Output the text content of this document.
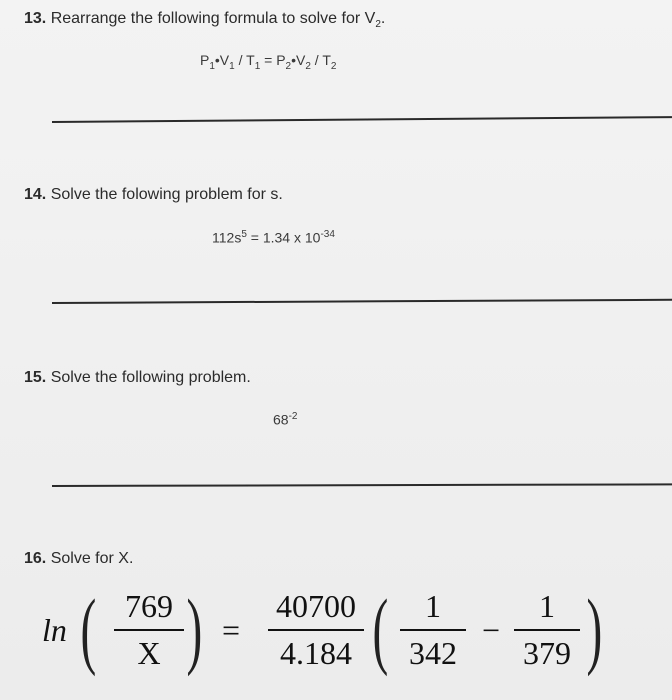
13. Rearrange the following formula to solve for $V_2$.
$P_1•V_1 / T_1$ = $P_2•V_2 / T_2$
14. Solve the folowing problem for s.
$112s^5 = 1.34$ x $10^{-34}$
15. Solve the following problem.
$68^{-2}$
16. Solve for X.
ln ( 769
X ) =
40700
4.184 (	1
342
−
1
379 )
